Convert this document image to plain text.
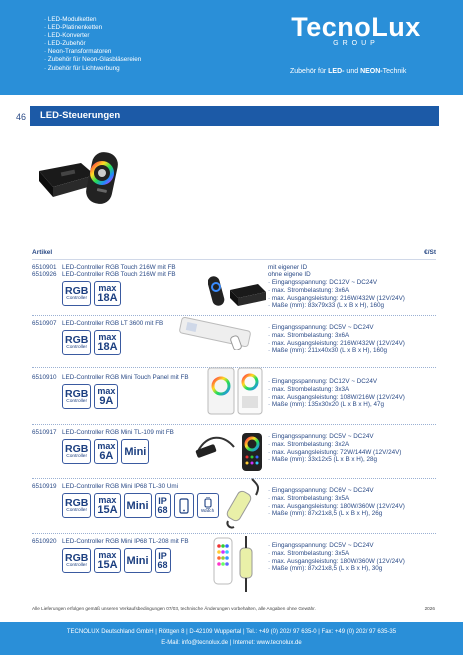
· LED-Modulketten
· LED-Platinenketten
· LED-Konverter
· LED-Zubehör
· Neon-Transformatoren
· Zubehör für Neon-Glasbläsereien
· Zubehör für Lichtwerbung
TecnoLux
GROUP
Zubehör für LED- und NEON-Technik
46 LED-Steuerungen
Artikel	€/St
6510901 LED-Controller RGB Touch 216W mit FB	mit eigener ID
6510926 LED-Controller RGB Touch 216W mit FB	ohne eigene ID
RGB
Controller
max
18A
· Eingangsspannung: DC12V ~ DC24V
· max. Strombelastung: 3x6A
· max. Ausgangsleistung: 216W/432W (12V/24V)
· Maße (mm): 83x79x33 (L x B x H), 160g
6510907 LED-Controller RGB LT 3600 mit FB
RGB
Controller
max
18A
· Eingangsspannung: DC5V ~ DC24V
· max. Strombelastung: 3x6A
· max. Ausgangsleistung: 216W/432W (12V/24V)
· Maße (mm): 211x40x30 (L x B x H), 160g
6510910 LED-Controller RGB Mini Touch Panel mit FB
RGB
Controller
max
9A
· Eingangsspannung: DC12V ~ DC24V
· max. Strombelastung: 3x3A
· max. Ausgangsleistung: 108W/216W (12V/24V)
· Maße (mm): 135x30x20 (L x B x H), 47g
6510917 LED-Controller RGB Mini TL-109 mit FB
RGB
Controller
max
6A Mini
· Eingangsspannung: DC5V ~ DC24V
· max. Strombelastung: 3x2A
· max. Ausgangsleistung: 72W/144W (12V/24V)
· Maße (mm): 33x12x5 (L x B x H), 28g
6510919 LED-Controller RGB Mini IP68 TL-30 Umi
RGB
Controller
max
15A Mini IP
68	Watch
· Eingangsspannung: DC6V ~ DC24V
· max. Strombelastung: 3x5A
· max. Ausgangsleistung: 180W/360W (12V/24V)
· Maße (mm): 87x21x8,5 (L x B x H), 26g
6510920 LED-Controller RGB Mini IP68 TL-208 mit FB
RGB
Controller
max
15A Mini IP
68
· Eingangsspannung: DC5V ~ DC24V
· max. Strombelastung: 3x5A
· max. Ausgangsleistung: 180W/360W (12V/24V)
· Maße (mm): 87x21x8,5 (L x B x H), 30g
Alle Lieferungen erfolgen gemäß unseren Verkaufsbedingungen 07/03, technische Änderungen vorbehalten, alle Angaben ohne Gewähr.	2026
TECNOLUX Deutschland GmbH | Röttgen 8 | D-42109 Wuppertal | Tel.: +49 (0) 202/ 97 635-0 | Fax: +49 (0) 202/ 97 635-35
E-Mail: info@tecnolux.de | Internet: www.tecnolux.de
